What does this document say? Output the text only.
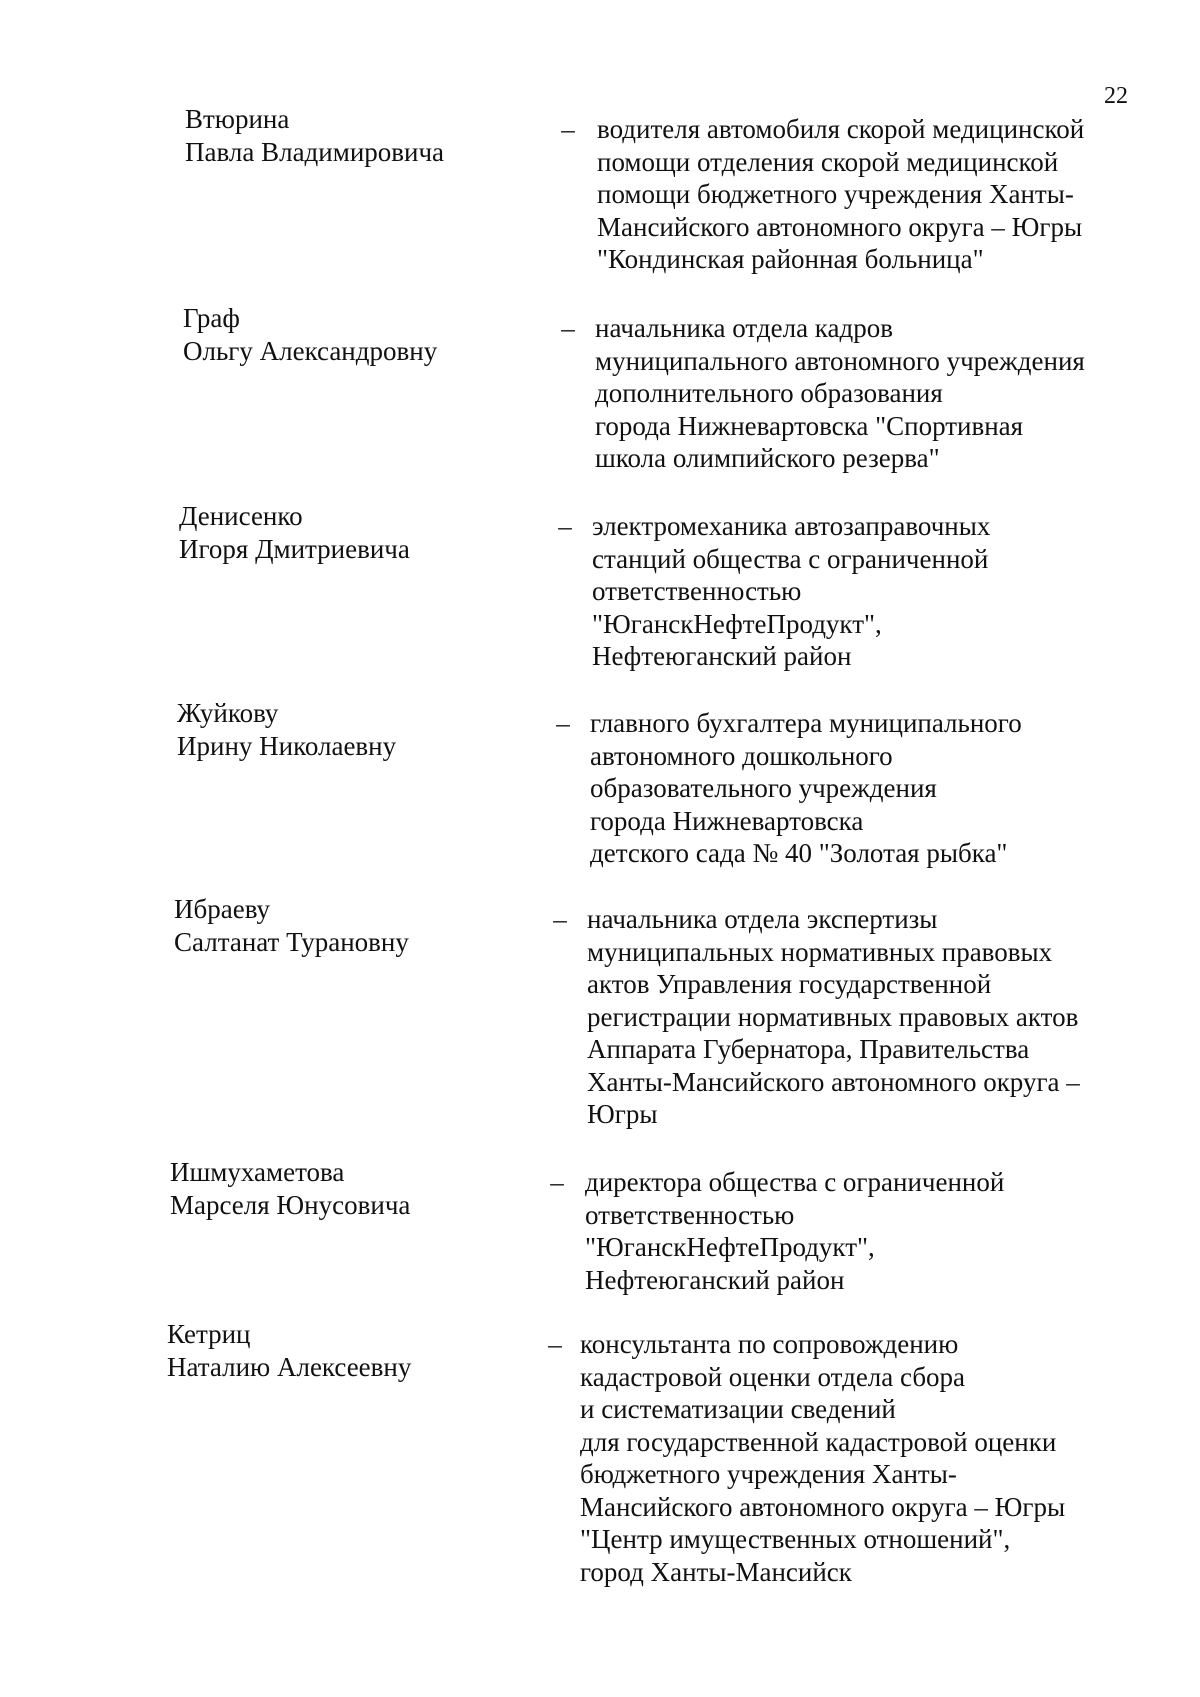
22
Втюрина
Павла Владимировича
– водителя автомобиля скорой медицинской
помощи отделения скорой медицинской
помощи бюджетного учреждения Ханты-
Мансийского автономного округа – Югры
"Кондинская районная больница"
Граф
Ольгу Александровну
– начальника отдела кадров
муниципального автономного учреждения
дополнительного образования
города Нижневартовска "Спортивная
школа олимпийского резерва"
Денисенко
Игоря Дмитриевича
– электромеханика автозаправочных
станций общества с ограниченной
ответственностью
"ЮганскНефтеПродукт",
Нефтеюганский район
Жуйкову
Ирину Николаевну
– главного бухгалтера муниципального
автономного дошкольного
образовательного учреждения
города Нижневартовска
детского сада № 40 "Золотая рыбка"
Ибраеву
Салтанат Турановну
– начальника отдела экспертизы
муниципальных нормативных правовых
актов Управления государственной
регистрации нормативных правовых актов
Аппарата Губернатора, Правительства
Ханты-Мансийского автономного округа –
Югры
Ишмухаметова
Марселя Юнусовича
– директора общества с ограниченной
ответственностью
"ЮганскНефтеПродукт",
Нефтеюганский район
Кетриц
Наталию Алексеевну
– консультанта по сопровождению
кадастровой оценки отдела сбора
и систематизации сведений
для государственной кадастровой оценки
бюджетного учреждения Ханты-
Мансийского автономного округа – Югры
"Центр имущественных отношений",
город Ханты-Мансийск
